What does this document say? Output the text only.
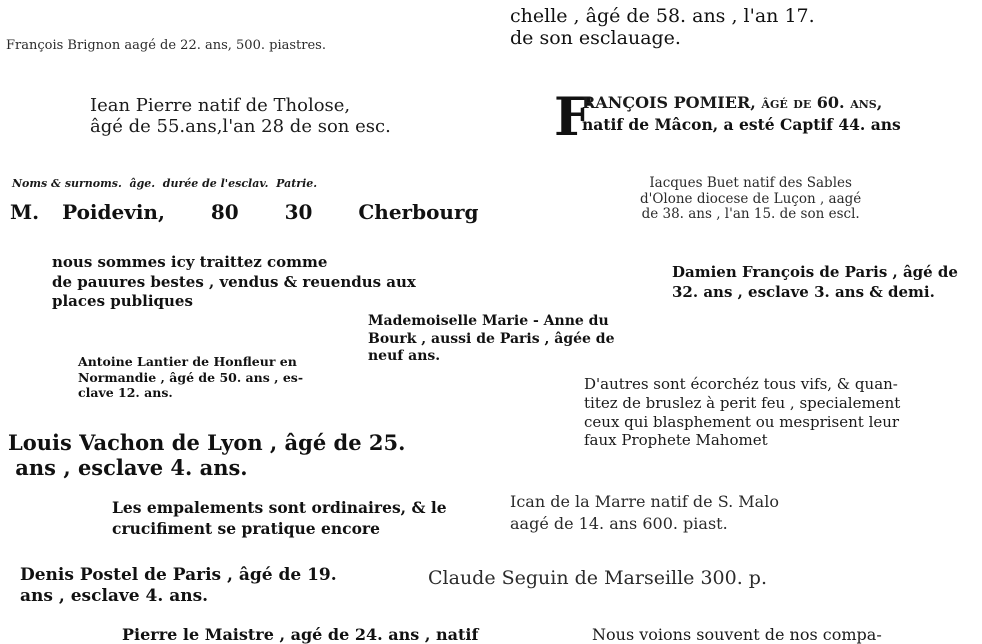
chelle , âgé de 58. ans , l'an 17.
de son esclauage.
François Brignon aagé de 22. ans, 500. piastres.
Iean Pierre natif de Tholose,
âgé de 55.ans,l'an 28 de son esc.	F
RANÇOIS POMIER, âgé de 60. ans,
natif de Mâcon, a esté Captif 44. ans
Noms & surnoms.  âge.  durée de l'esclav.  Patrie.
M. Poidevin,  80  30  Cherbourg
Iacques Buet natif des Sables
d'Olone diocese de Luçon , aagé
de 38. ans , l'an 15. de son escl.
nous sommes icy traittez comme
de pauures bestes , vendus & reuendus aux
places publiques
Damien François de Paris , âgé de
32. ans , esclave 3. ans & demi.
Mademoiselle Marie - Anne du
Bourk , aussi de Paris , âgée de
neuf ans.
Antoine Lantier de Honfleur en
Normandie , âgé de 50. ans , es-
clave 12. ans.	D'autres sont écorchéz tous vifs, & quan-
titez de bruslez à perit feu , specialement
ceux qui blasphement ou mesprisent leur
faux Prophete Mahomet
Louis Vachon de Lyon , âgé de 25.
ans , esclave 4. ans.
Ican de la Marre natif de S. Malo
aagé de 14. ans 600. piast.
Les empalements sont ordinaires, & le
crucifiment se pratique encore
Denis Postel de Paris , âgé de 19.
ans , esclave 4. ans.
Claude Seguin de Marseille 300. p.
Pierre le Maistre , agé de 24. ans , natif	Nous voions souvent de nos compa-
